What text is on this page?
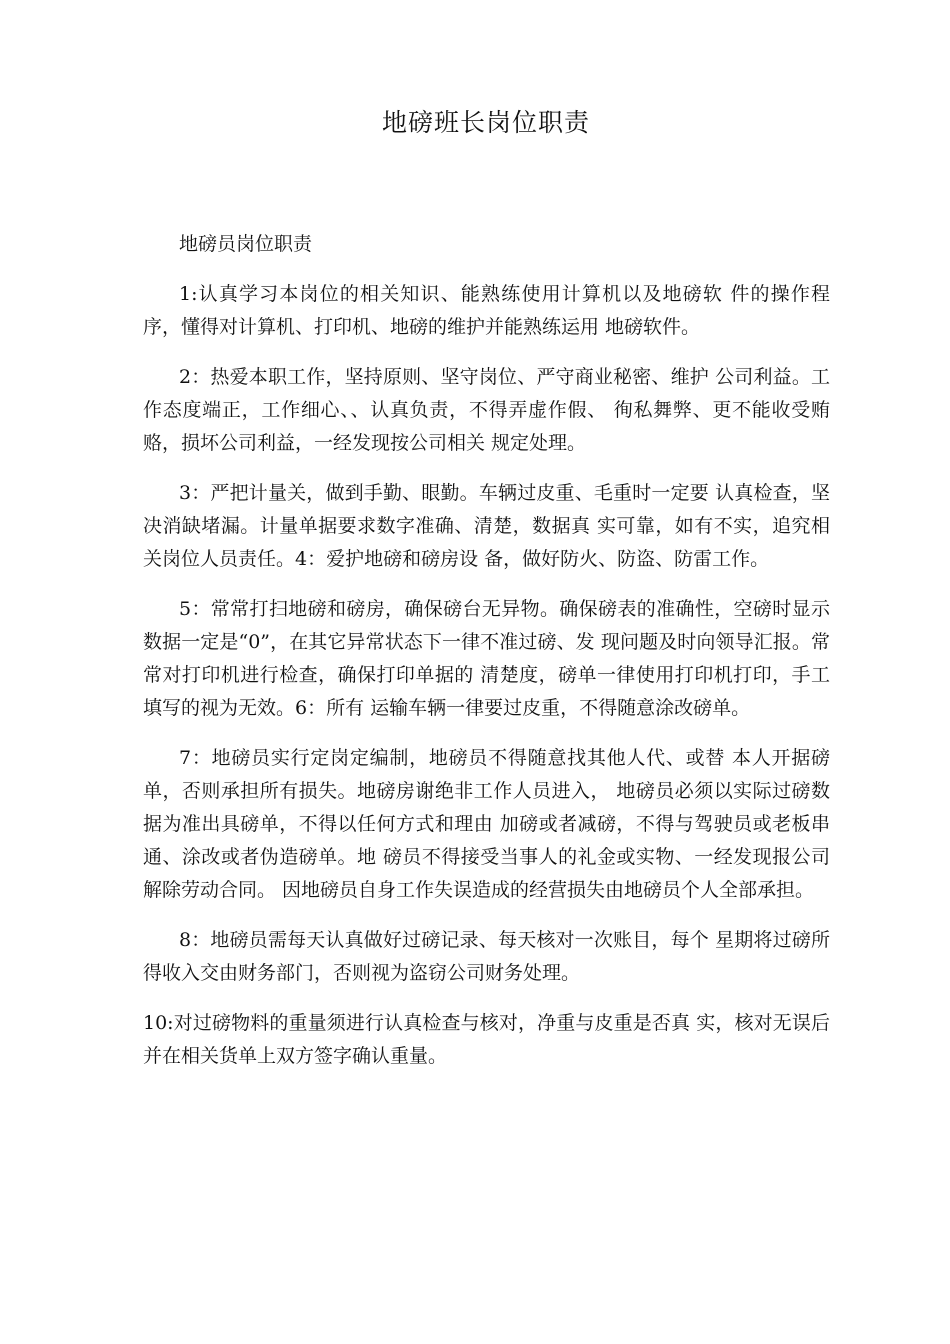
地磅班长岗位职责

地磅员岗位职责

1:认真学习本岗位的相关知识、能熟练使用计算机以及地磅软 件的操作程序，懂得对计算机、打印机、地磅的维护并能熟练运用 地磅软件。

2：热爱本职工作，坚持原则、坚守岗位、严守商业秘密、维护 公司利益。工作态度端正，工作细心、、认真负责，不得弄虚作假、 徇私舞弊、更不能收受贿赂，损坏公司利益，一经发现按公司相关 规定处理。

3：严把计量关，做到手勤、眼勤。车辆过皮重、毛重时一定要 认真检查，坚决消缺堵漏。计量单据要求数字准确、清楚，数据真 实可靠，如有不实，追究相关岗位人员责任。4：爱护地磅和磅房设 备，做好防火、防盗、防雷工作。

5：常常打扫地磅和磅房，确保磅台无异物。确保磅表的准确性，空磅时显示数据一定是“0”，在其它异常状态下一律不准过磅、发 现问题及时向领导汇报。常常对打印机进行检查，确保打印单据的 清楚度，磅单一律使用打印机打印，手工填写的视为无效。6：所有 运输车辆一律要过皮重，不得随意涂改磅单。

7：地磅员实行定岗定编制，地磅员不得随意找其他人代、或替 本人开据磅单，否则承担所有损失。地磅房谢绝非工作人员进入， 地磅员必须以实际过磅数据为准出具磅单，不得以任何方式和理由 加磅或者减磅，不得与驾驶员或老板串通、涂改或者伪造磅单。地 磅员不得接受当事人的礼金或实物、一经发现报公司解除劳动合同。 因地磅员自身工作失误造成的经营损失由地磅员个人全部承担。

8：地磅员需每天认真做好过磅记录、每天核对一次账目，每个 星期将过磅所得收入交由财务部门，否则视为盗窃公司财务处理。

10:对过磅物料的重量须进行认真检查与核对，净重与皮重是否真 实，核对无误后并在相关货单上双方签字确认重量。
